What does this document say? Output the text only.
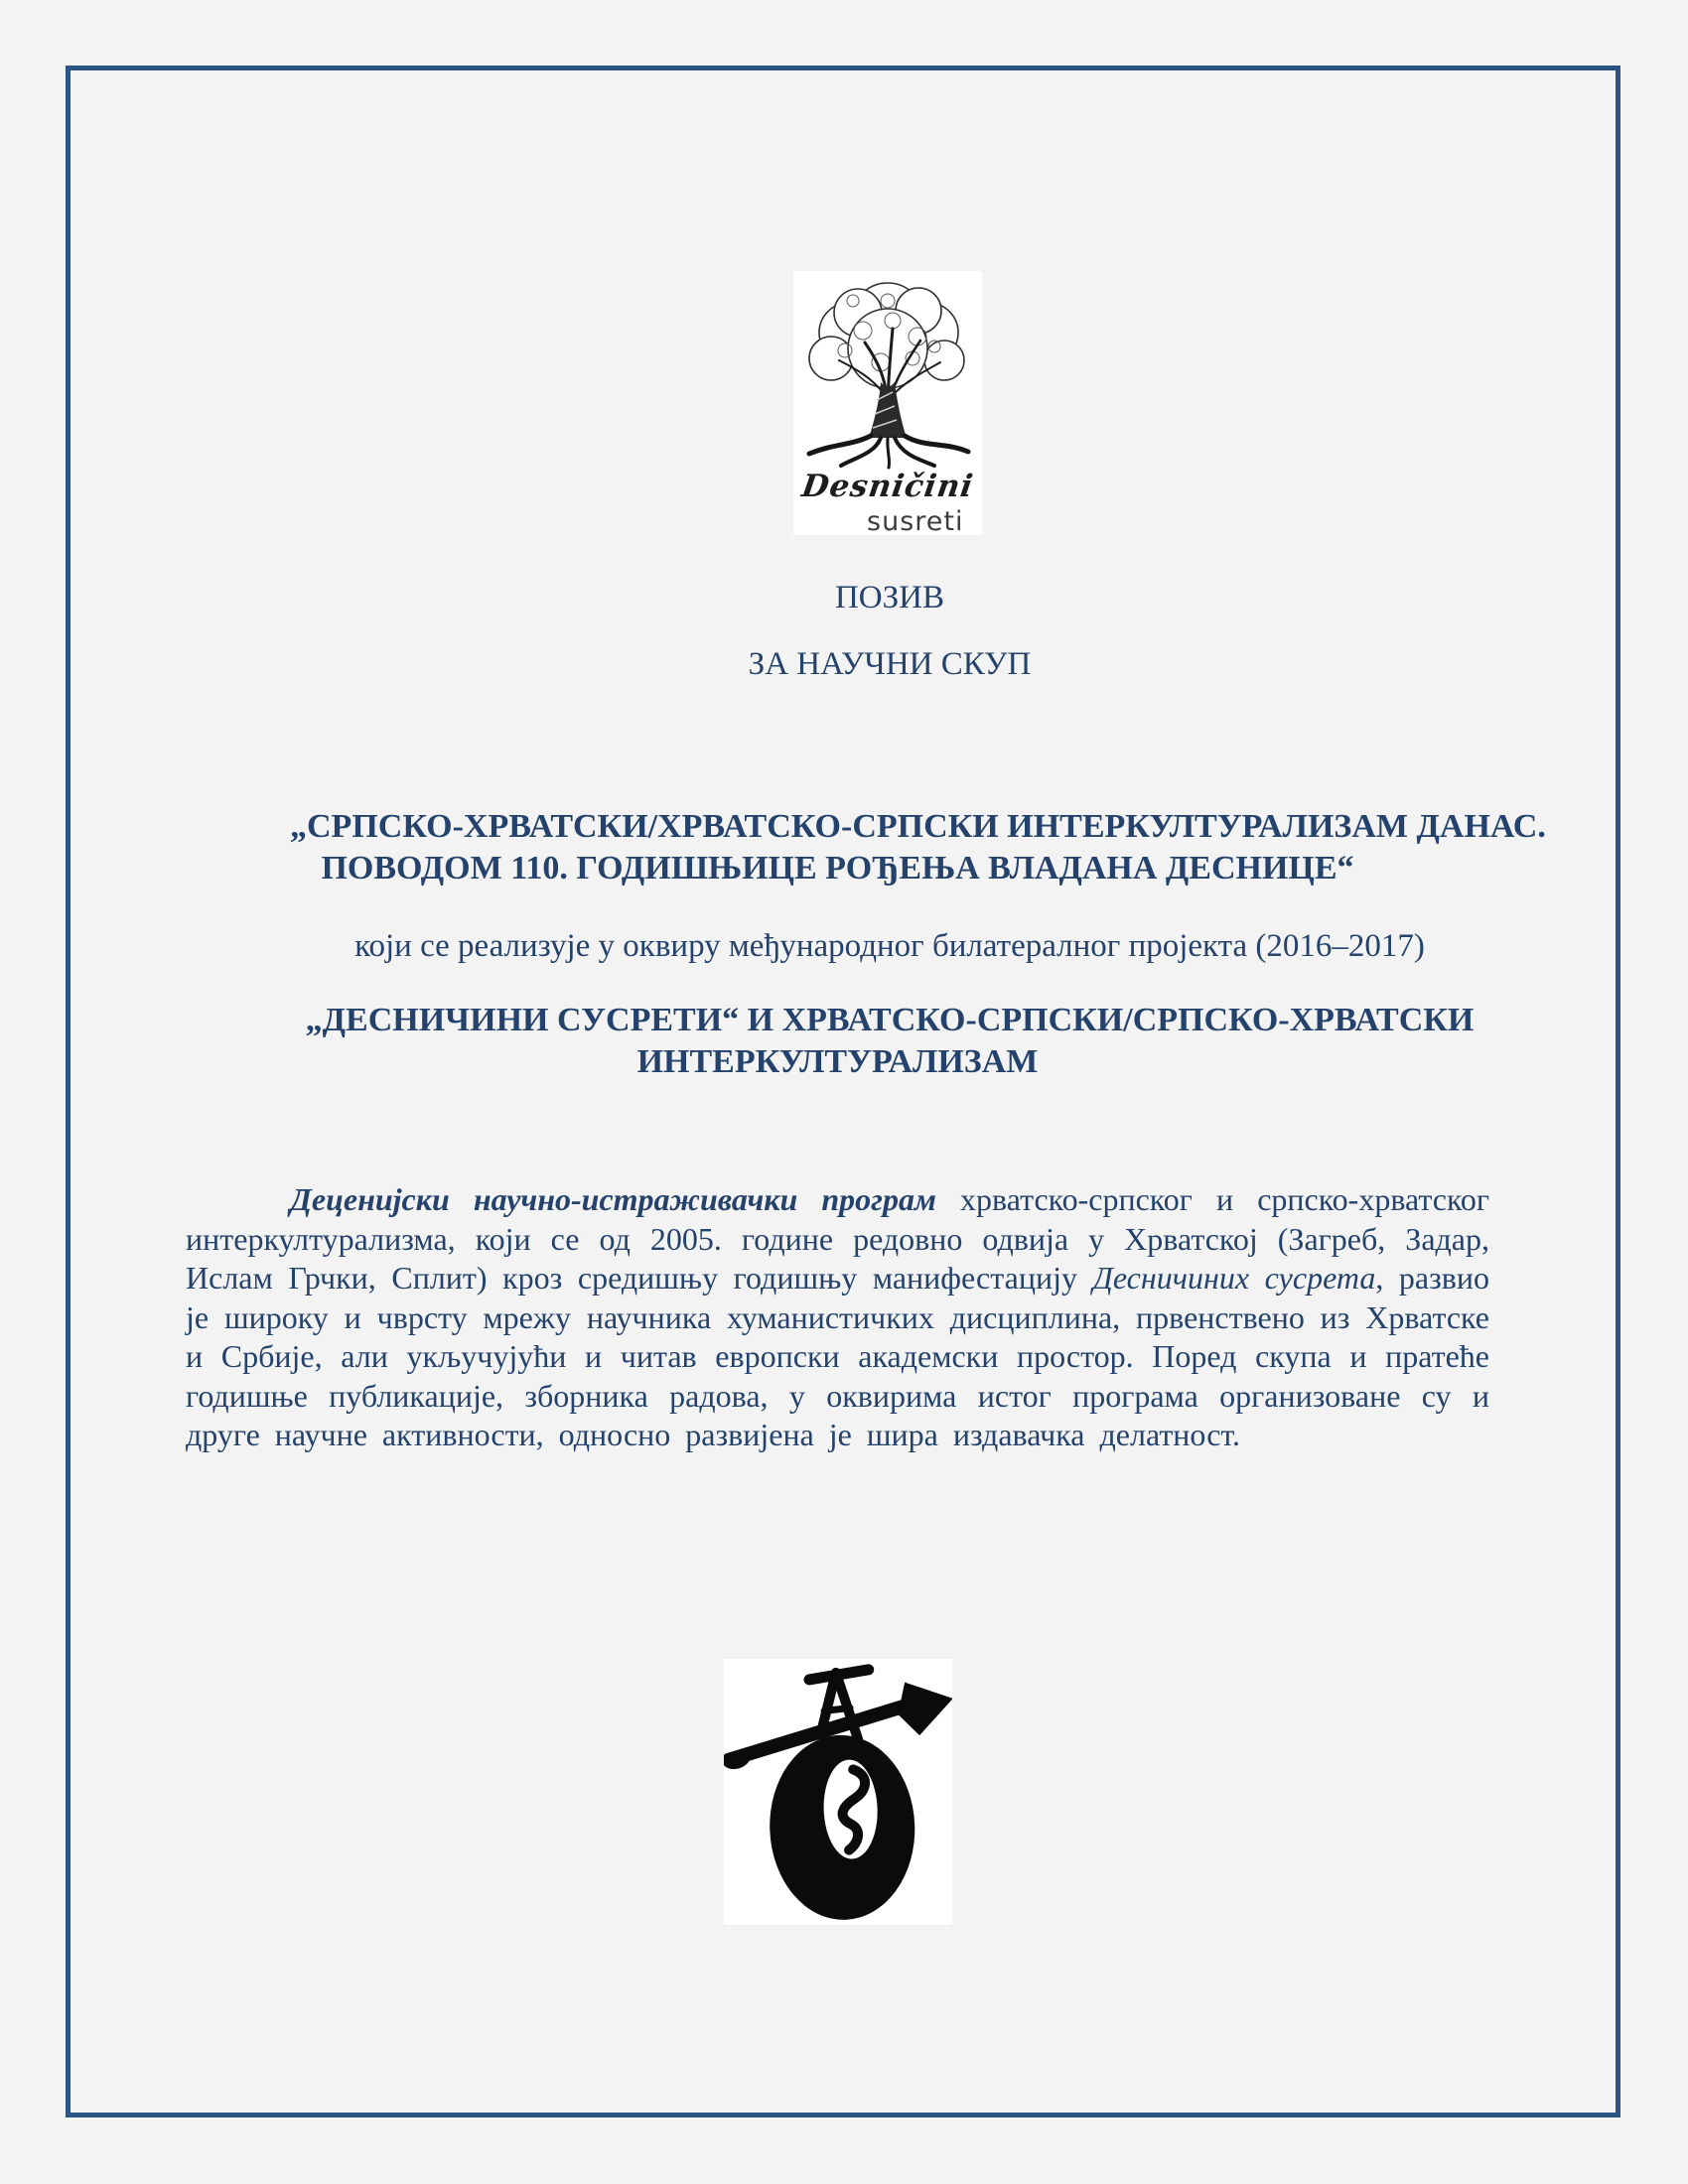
Desničini
susreti
ПОЗИВ
ЗА НАУЧНИ СКУП
„СРПСКО-ХРВАТСКИ/ХРВАТСКО-СРПСКИ ИНТЕРКУЛТУРАЛИЗАМ ДАНАС.
ПОВОДОМ 110. ГОДИШЊИЦЕ РОЂЕЊА ВЛАДАНА ДЕСНИЦЕ“
који се реализује у оквиру међународног билатералног пројекта (2016–2017)
„ДЕСНИЧИНИ СУСРЕТИ“ И ХРВАТСКО-СРПСКИ/СРПСКО-ХРВАТСКИ
ИНТЕРКУЛТУРАЛИЗАМ

Деценијски научно-истраживачки програм хрватско-српског и српско-хрватског интеркултурализма, који се од 2005. године редовно одвија у Хрватској (Загреб, Задар, Ислам Грчки, Сплит) кроз средишњу годишњу манифестацију Десничиних сусрета, развио је широку и чврсту мрежу научника хуманистичких дисциплина, првенствено из Хрватске и Србије, али укључујући и читав европски академски простор. Поред скупа и пратеће годишње публикације, зборника радова, у оквирима истог програма организоване су и друге научне активности, односно развијена је шира издавачка делатност.
